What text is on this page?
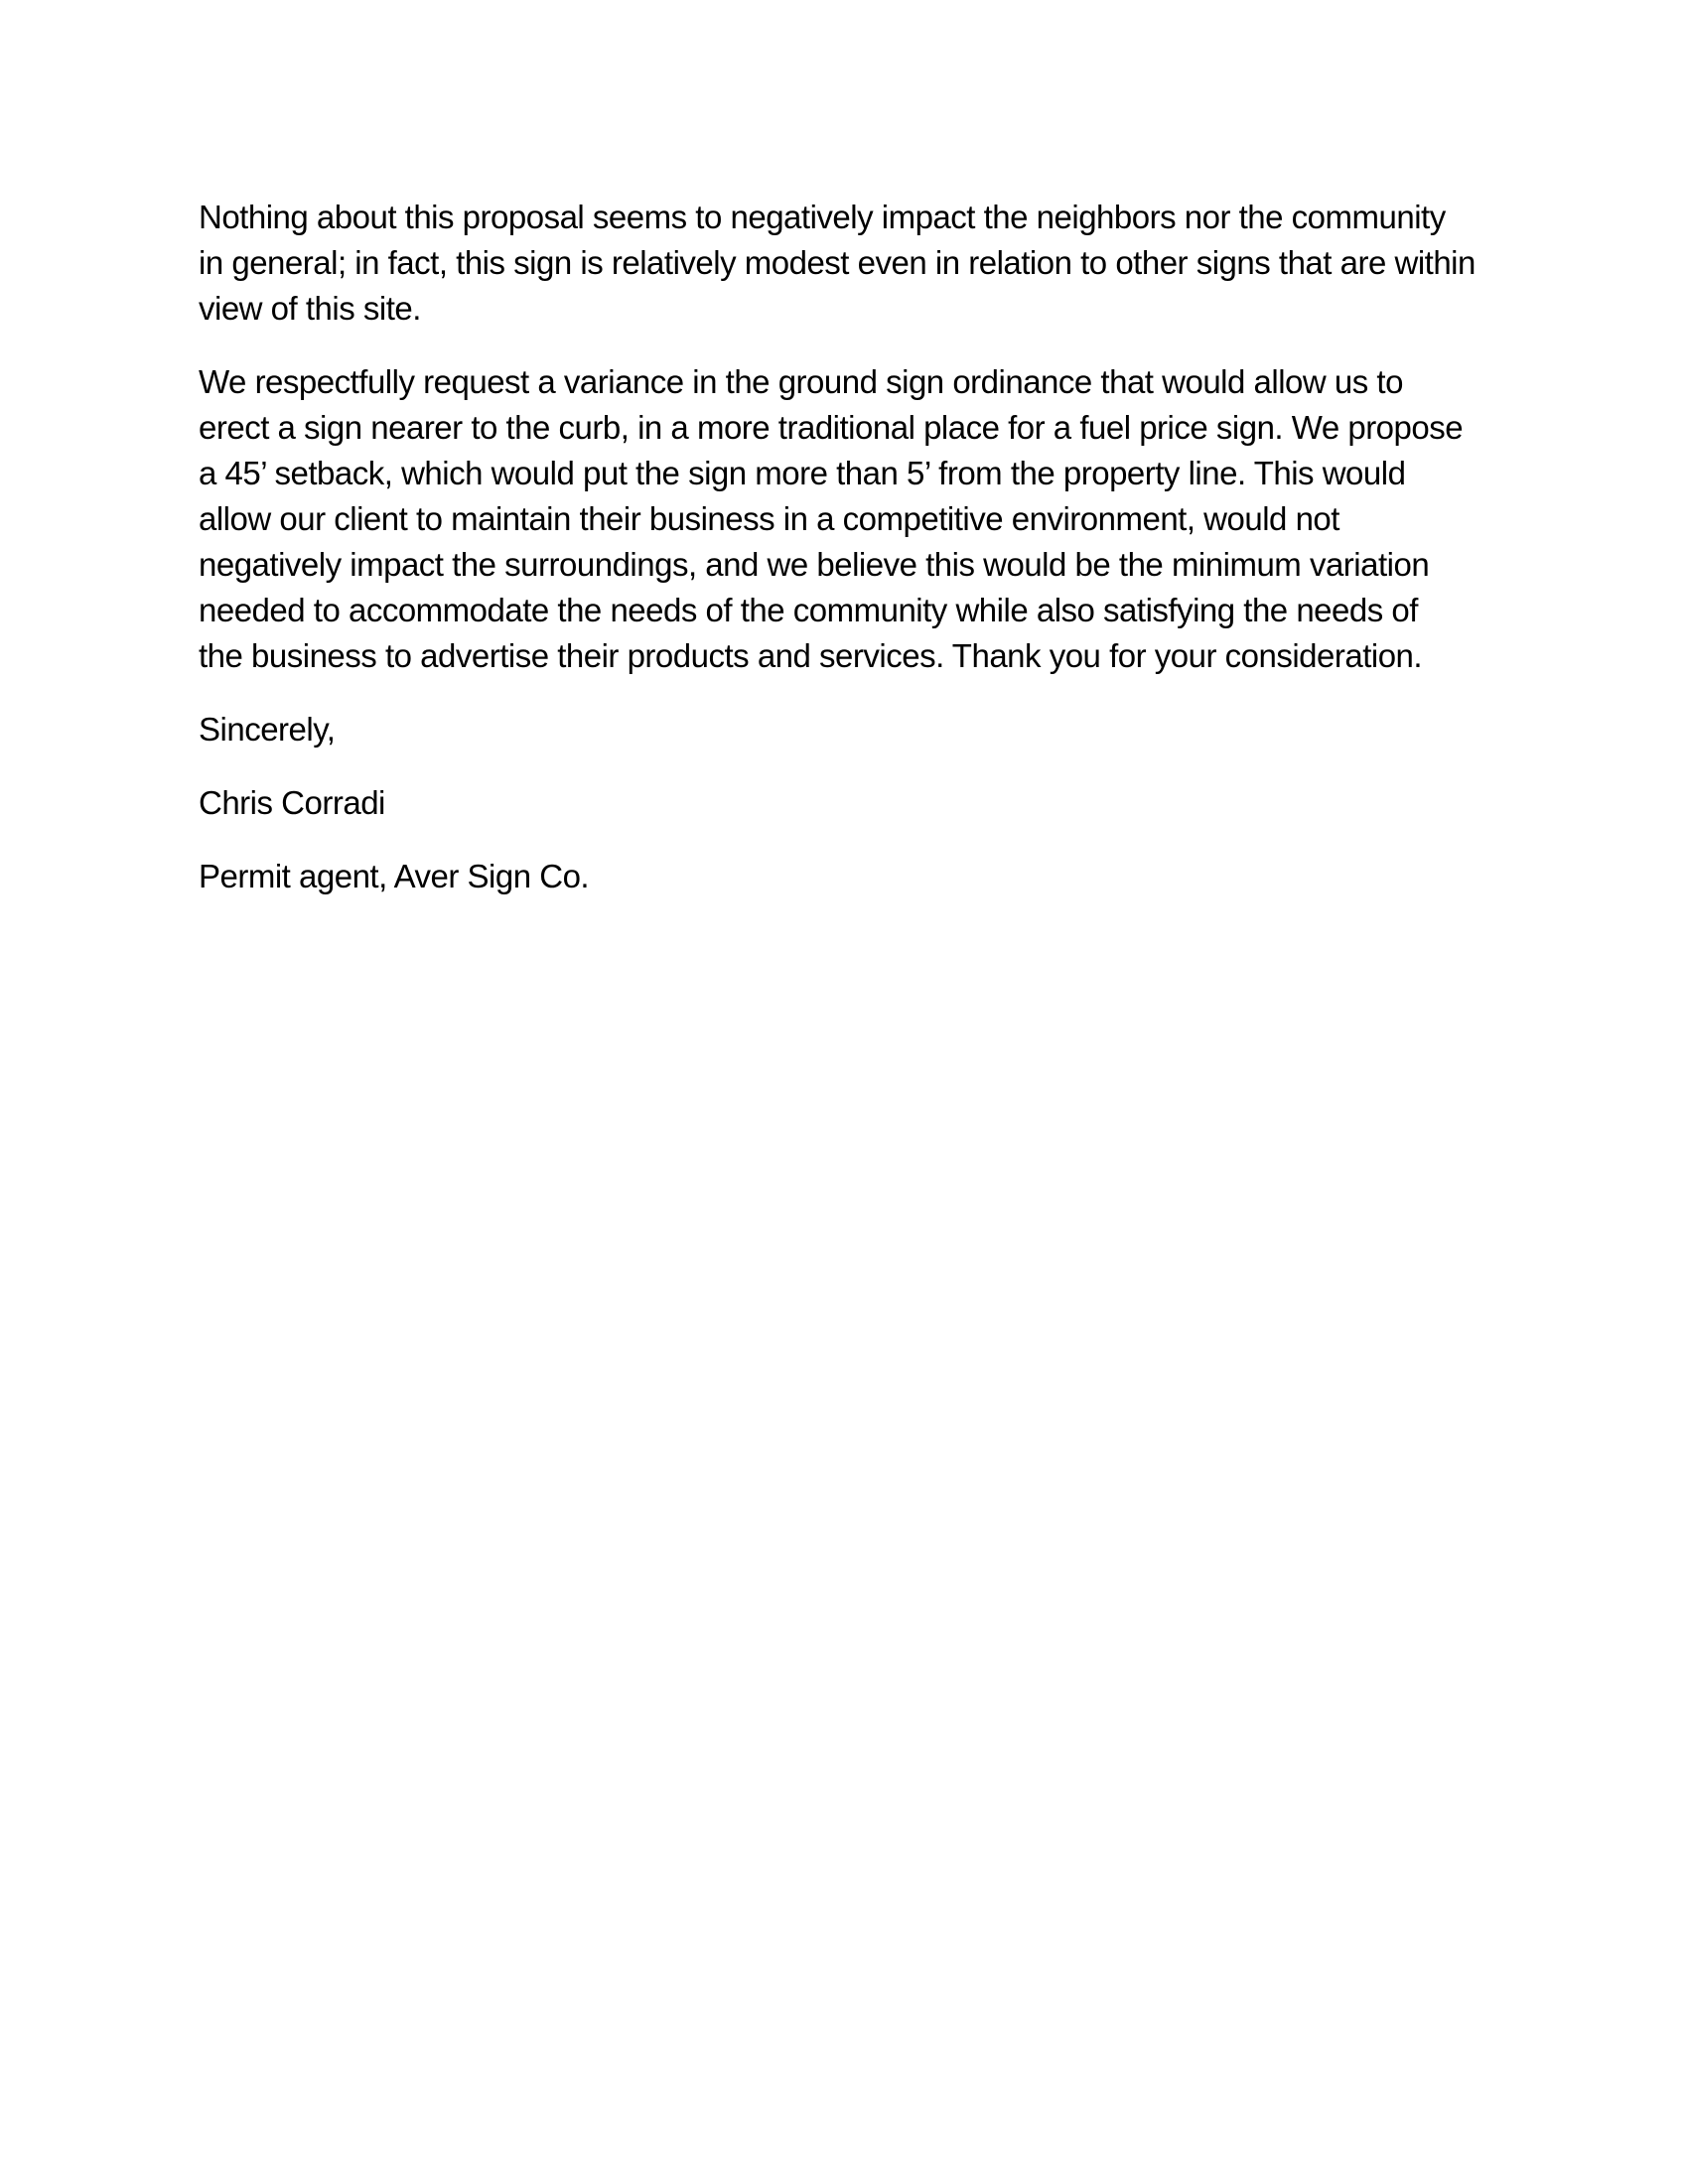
Nothing about this proposal seems to negatively impact the neighbors nor the community
in general; in fact, this sign is relatively modest even in relation to other signs that are within
view of this site.
We respectfully request a variance in the ground sign ordinance that would allow us to
erect a sign nearer to the curb, in a more traditional place for a fuel price sign. We propose
a 45’ setback, which would put the sign more than 5’ from the property line. This would
allow our client to maintain their business in a competitive environment, would not
negatively impact the surroundings, and we believe this would be the minimum variation
needed to accommodate the needs of the community while also satisfying the needs of
the business to advertise their products and services. Thank you for your consideration.
Sincerely,
Chris Corradi
Permit agent, Aver Sign Co.
